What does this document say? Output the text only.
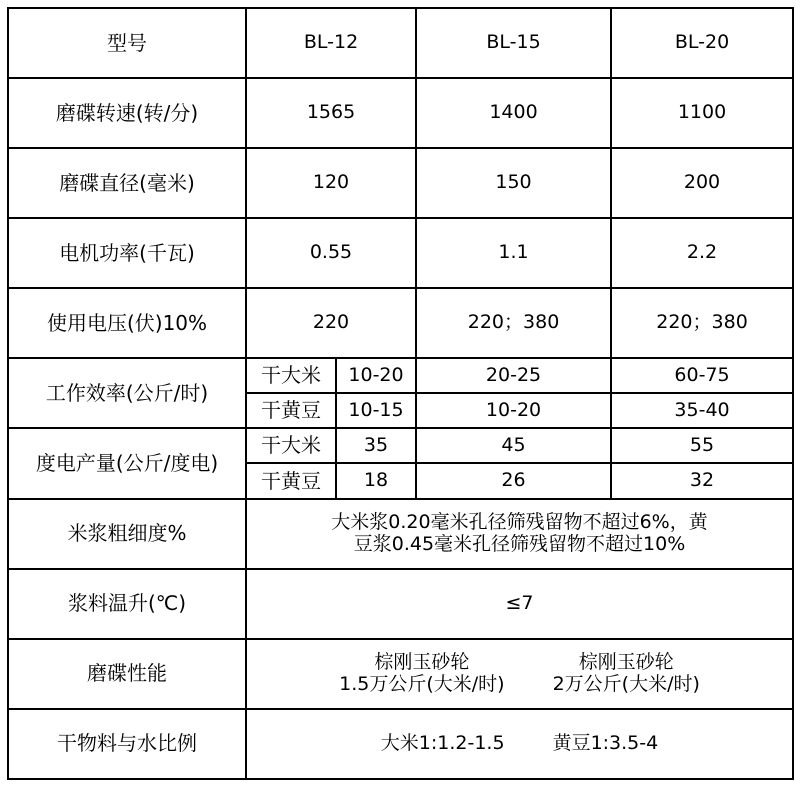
型号	BL-12		BL-15	BL-20
磨碟转速(转/分)	1565		1400	1100
磨碟直径(毫米)	120		150	200
电机功率(千瓦)	0.55		1.1	2.2
使用电压(伏)10%	220		220；380	220；380
工作效率(公斤/时)	干大米	10-20	20-25	60-75
	干黄豆	10-15	10-20	35-40
度电产量(公斤/度电)	干大米	35	45	55
	干黄豆	18	26	32
米浆粗细度%	大米浆0.20毫米孔径筛残留物不超过6%，黄
豆浆0.45毫米孔径筛残留物不超过10%			

浆料温升(℃)	≤7			
磨碟性能	棕刚玉砂轮
1.5万公斤(大米/时)
棕刚玉砂轮
2万公斤(大米/时)			

干物料与水比例	大米1:1.2-1.5 黄豆1:3.5-4			
